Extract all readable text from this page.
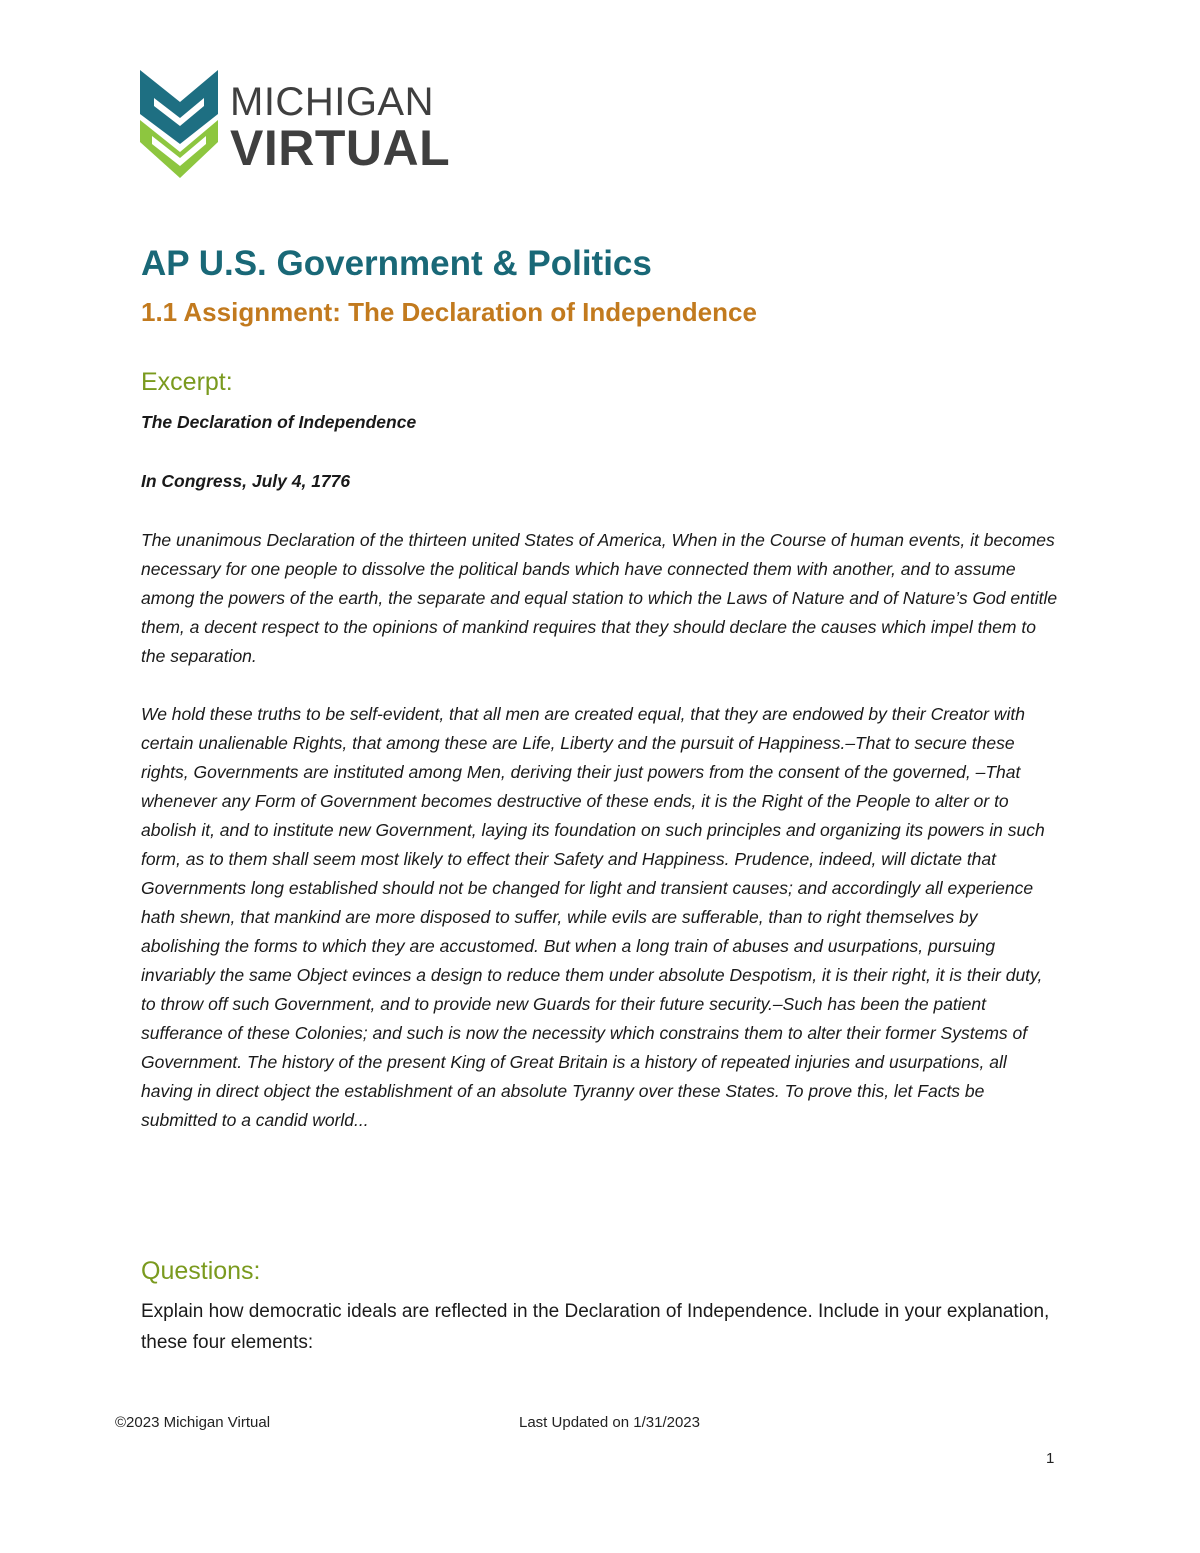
MICHIGAN
VIRTUAL
AP U.S. Government & Politics
1.1 Assignment: The Declaration of Independence
Excerpt:

The Declaration of Independence

In Congress, July 4, 1776

The unanimous Declaration of the thirteen united States of America, When in the Course of human events, it becomes necessary for one people to dissolve the political bands which have connected them with another, and to assume among the powers of the earth, the separate and equal station to which the Laws of Nature and of Nature’s God entitle them, a decent respect to the opinions of mankind requires that they should declare the causes which impel them to the separation.

We hold these truths to be self-evident, that all men are created equal, that they are endowed by their Creator with certain unalienable Rights, that among these are Life, Liberty and the pursuit of Happiness.–That to secure these rights, Governments are instituted among Men, deriving their just powers from the consent of the governed, –That whenever any Form of Government becomes destructive of these ends, it is the Right of the People to alter or to abolish it, and to institute new Government, laying its foundation on such principles and organizing its powers in such form, as to them shall seem most likely to effect their Safety and Happiness. Prudence, indeed, will dictate that Governments long established should not be changed for light and transient causes; and accordingly all experience hath shewn, that mankind are more disposed to suffer, while evils are sufferable, than to right themselves by abolishing the forms to which they are accustomed. But when a long train of abuses and usurpations, pursuing invariably the same Object evinces a design to reduce them under absolute Despotism, it is their right, it is their duty, to throw off such Government, and to provide new Guards for their future security.–Such has been the patient sufferance of these Colonies; and such is now the necessity which constrains them to alter their former Systems of Government. The history of the present King of Great Britain is a history of repeated injuries and usurpations, all having in direct object the establishment of an absolute Tyranny over these States. To prove this, let Facts be submitted to a candid world...

Questions:

Explain how democratic ideals are reflected in the Declaration of Independence. Include in your explanation, these four elements:

©2023 Michigan Virtual	Last Updated on 1/31/2023
1
